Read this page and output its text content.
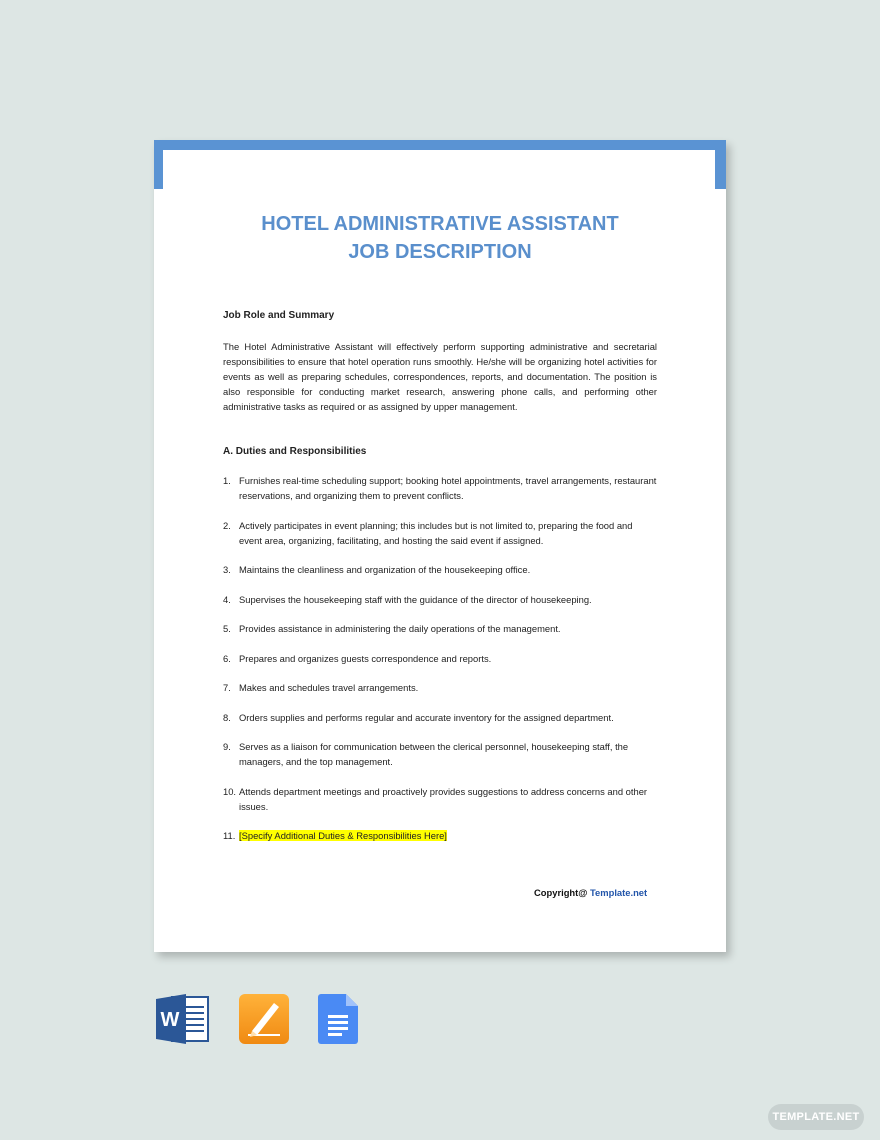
HOTEL ADMINISTRATIVE ASSISTANT
JOB DESCRIPTION

Job Role and Summary

The Hotel Administrative Assistant will effectively perform supporting administrative and secretarial responsibilities to ensure that hotel operation runs smoothly. He/she will be organizing hotel activities for events as well as preparing schedules, correspondences, reports, and documentation. The position is also responsible for conducting market research, answering phone calls, and performing other administrative tasks as required or as assigned by upper management.

A. Duties and Responsibilities

1. Furnishes real-time scheduling support; booking hotel appointments, travel arrangements, restaurant reservations, and organizing them to prevent conflicts.
2. Actively participates in event planning; this includes but is not limited to, preparing the food and event area, organizing, facilitating, and hosting the said event if assigned.
3. Maintains the cleanliness and organization of the housekeeping office.
4. Supervises the housekeeping staff with the guidance of the director of housekeeping.
5. Provides assistance in administering the daily operations of the management.
6. Prepares and organizes guests correspondence and reports.
7. Makes and schedules travel arrangements.
8. Orders supplies and performs regular and accurate inventory for the assigned department.
9. Serves as a liaison for communication between the clerical personnel, housekeeping staff, the managers, and the top management.
10. Attends department meetings and proactively provides suggestions to address concerns and other issues.
11. [Specify Additional Duties & Responsibilities Here]
Copyright@ Template.net
W
TEMPLATE.NET
